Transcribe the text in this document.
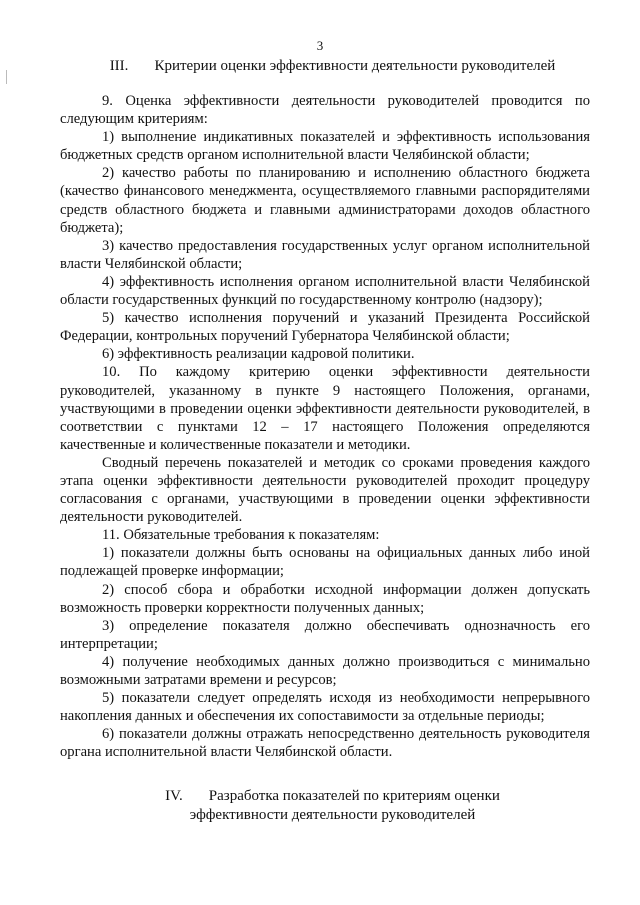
3
III. Критерии оценки эффективности деятельности руководителей

9. Оценка эффективности деятельности руководителей проводится по следующим критериям:

1) выполнение индикативных показателей и эффективность использования бюджетных средств органом исполнительной власти Челябинской области;

2) качество работы по планированию и исполнению областного бюджета (качество финансового менеджмента, осуществляемого главными распорядителями средств областного бюджета и главными администраторами доходов областного бюджета);

3) качество предоставления государственных услуг органом исполнительной власти Челябинской области;

4) эффективность исполнения органом исполнительной власти Челябинской области государственных функций по государственному контролю (надзору);

5) качество исполнения поручений и указаний Президента Российской Федерации, контрольных поручений Губернатора Челябинской области;

6) эффективность реализации кадровой политики.

10. По каждому критерию оценки эффективности деятельности руководителей, указанному в пункте 9 настоящего Положения, органами, участвующими в проведении оценки эффективности деятельности руководителей, в соответствии с пунктами 12 – 17 настоящего Положения определяются качественные и количественные показатели и методики.

Сводный перечень показателей и методик со сроками проведения каждого этапа оценки эффективности деятельности руководителей проходит процедуру согласования с органами, участвующими в проведении оценки эффективности деятельности руководителей.

11. Обязательные требования к показателям:

1) показатели должны быть основаны на официальных данных либо иной подлежащей проверке информации;

2) способ сбора и обработки исходной информации должен допускать возможность проверки корректности полученных данных;

3) определение показателя должно обеспечивать однозначность его интерпретации;

4) получение необходимых данных должно производиться с минимально возможными затратами времени и ресурсов;

5) показатели следует определять исходя из необходимости непрерывного накопления данных и обеспечения их сопоставимости за отдельные периоды;

6) показатели должны отражать непосредственно деятельность руководителя органа исполнительной власти Челябинской области.

IV. Разработка показателей по критериям оценки
эффективности деятельности руководителей
